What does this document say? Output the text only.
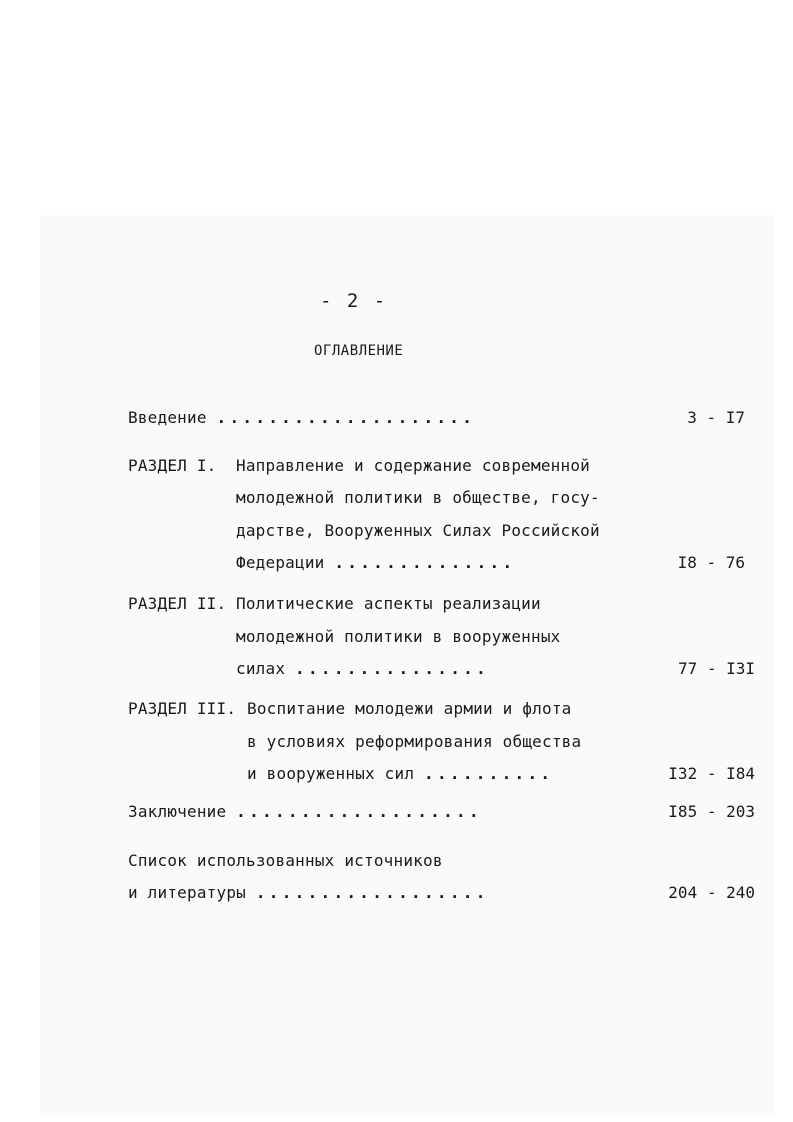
- 2 -
ОГЛАВЛЕНИЕ
Введение ....................	3 - I7
РАЗДЕЛ I. Направление и содержание современной
молодежной политики в обществе, госу-
дарстве, Вооруженных Силах Российской
Федерации ..............	I8 - 76
РАЗДЕЛ II. Политические аспекты реализации
молодежной политики в вооруженных
силах ...............	77 - I3I
РАЗДЕЛ III. Воспитание молодежи армии и флота
в условиях реформирования общества
и вооруженных сил ..........	I32 - I84
Заключение ...................	I85 - 203
Список использованных источников
и литературы ..................	204 - 240
